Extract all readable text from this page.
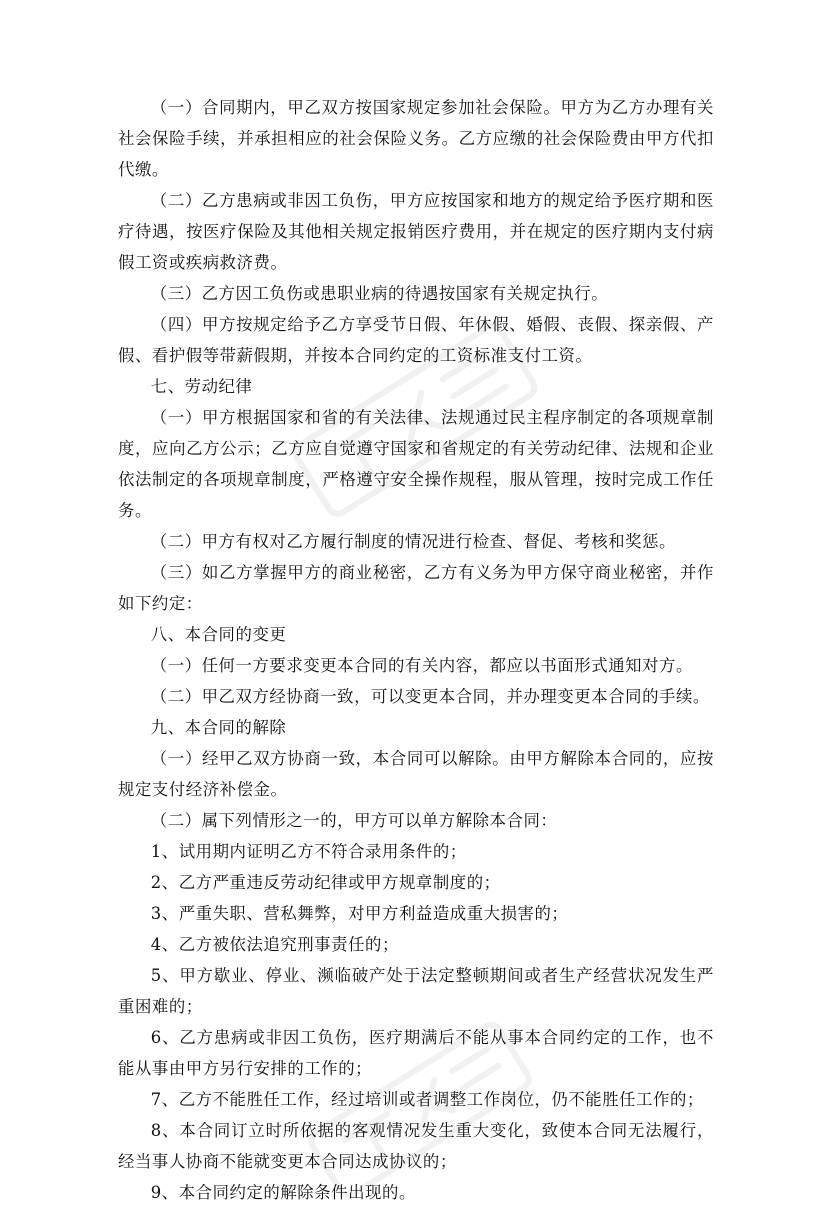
（一）合同期内，甲乙双方按国家规定参加社会保险。甲方为乙方办理有关社会保险手续，并承担相应的社会保险义务。乙方应缴的社会保险费由甲方代扣代缴。

（二）乙方患病或非因工负伤，甲方应按国家和地方的规定给予医疗期和医疗待遇，按医疗保险及其他相关规定报销医疗费用，并在规定的医疗期内支付病假工资或疾病救济费。

（三）乙方因工负伤或患职业病的待遇按国家有关规定执行。

（四）甲方按规定给予乙方享受节日假、年休假、婚假、丧假、探亲假、产假、看护假等带薪假期，并按本合同约定的工资标准支付工资。

七、劳动纪律

（一）甲方根据国家和省的有关法律、法规通过民主程序制定的各项规章制度，应向乙方公示；乙方应自觉遵守国家和省规定的有关劳动纪律、法规和企业依法制定的各项规章制度，严格遵守安全操作规程，服从管理，按时完成工作任务。

（二）甲方有权对乙方履行制度的情况进行检查、督促、考核和奖惩。

（三）如乙方掌握甲方的商业秘密，乙方有义务为甲方保守商业秘密，并作如下约定：

八、本合同的变更

（一）任何一方要求变更本合同的有关内容，都应以书面形式通知对方。

（二）甲乙双方经协商一致，可以变更本合同，并办理变更本合同的手续。

九、本合同的解除

（一）经甲乙双方协商一致，本合同可以解除。由甲方解除本合同的，应按规定支付经济补偿金。

（二）属下列情形之一的，甲方可以单方解除本合同：

1、试用期内证明乙方不符合录用条件的；

2、乙方严重违反劳动纪律或甲方规章制度的；

3、严重失职、营私舞弊，对甲方利益造成重大损害的；

4、乙方被依法追究刑事责任的；

5、甲方歇业、停业、濒临破产处于法定整顿期间或者生产经营状况发生严重困难的；

6、乙方患病或非因工负伤，医疗期满后不能从事本合同约定的工作，也不能从事由甲方另行安排的工作的；

7、乙方不能胜任工作，经过培训或者调整工作岗位，仍不能胜任工作的；

8、本合同订立时所依据的客观情况发生重大变化，致使本合同无法履行，经当事人协商不能就变更本合同达成协议的；

9、本合同约定的解除条件出现的。
